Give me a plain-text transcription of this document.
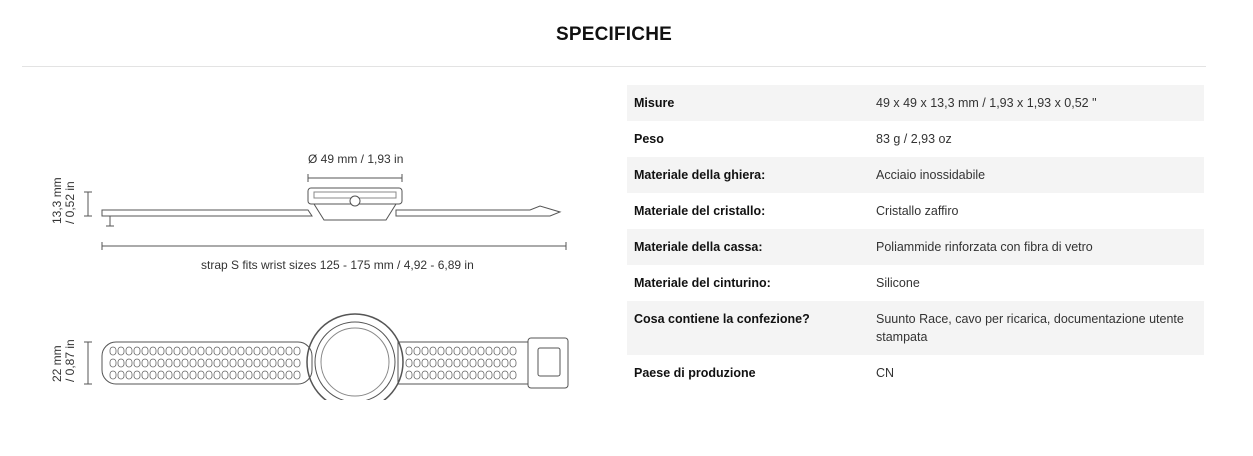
SPECIFICHE
Ø 49 mm / 1,93 in
13,3 mm / 0,52 in
strap S fits wrist sizes 125 - 175 mm / 4,92 - 6,89 in
22 mm / 0,87 in
Misure	49 x 49 x 13,3 mm / 1,93 x 1,93 x 0,52 "
Peso	83 g / 2,93 oz
Materiale della ghiera:	Acciaio inossidabile
Materiale del cristallo:	Cristallo zaffiro
Materiale della cassa:	Poliammide rinforzata con fibra di vetro
Materiale del cinturino:	Silicone
Cosa contiene la confezione?	Suunto Race, cavo per ricarica, documentazione utente stampata
Paese di produzione	CN
